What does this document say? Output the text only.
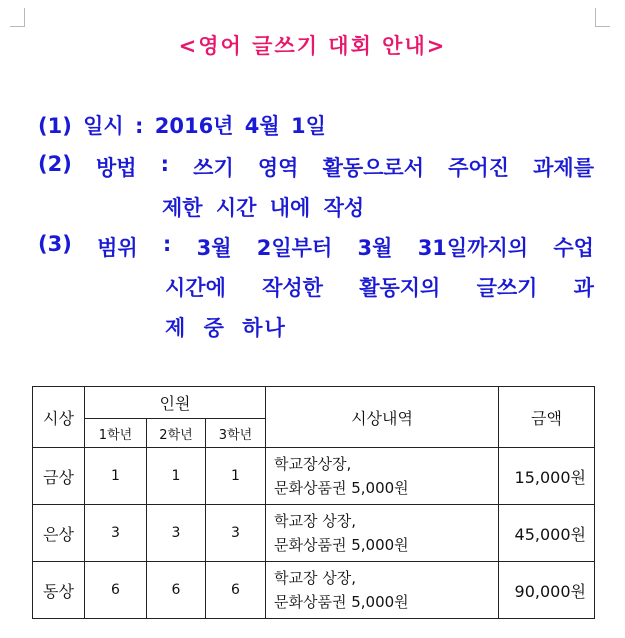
<영어 글쓰기 대회 안내>
(1) 일시 : 2016년 4월 1일
(2) 방법 : 쓰기 영역 활동으로서 주어진 과제를
제한 시간 내에 작성
(3) 범위 : 3월 2일부터 3월 31일까지의 수업
시간에 작성한 활동지의 글쓰기 과
제 중 하나
시상	인원			시상내역	금액
	1학년	2학년	3학년		
금상	1	1	1	학교장상장,
문화상품권 5,000원	15,000원
은상	3	3	3	학교장 상장,
문화상품권 5,000원	45,000원
동상	6	6	6	학교장 상장,
문화상품권 5,000원	90,000원
